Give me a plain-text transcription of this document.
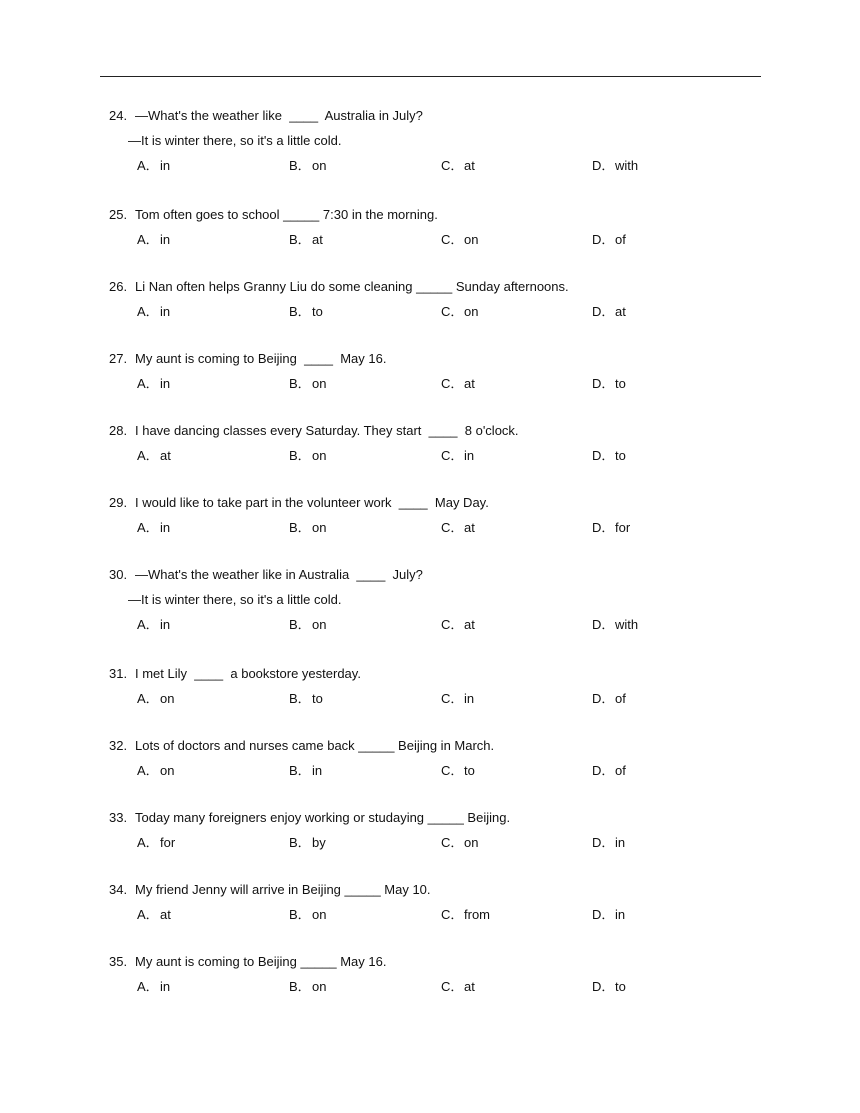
24. —What's the weather like  ____  Australia in July?
—It is winter there, so it's a little cold.
A．in	B．on	C．at	D．with
25. Tom often goes to school _____ 7:30 in the morning.
A．in	B．at	C．on	D．of
26. Li Nan often helps Granny Liu do some cleaning _____ Sunday afternoons.
A．in	B．to	C．on	D．at
27. My aunt is coming to Beijing  ____  May 16.
A．in	B．on	C．at	D．to
28. I have dancing classes every Saturday. They start  ____  8 o'clock.
A．at	B．on	C．in	D．to
29. I would like to take part in the volunteer work  ____  May Day.
A．in	B．on	C．at	D．for
30. —What's the weather like in Australia  ____  July?
—It is winter there, so it's a little cold.
A．in	B．on	C．at	D．with
31. I met Lily  ____  a bookstore yesterday.
A．on	B．to	C．in	D．of
32. Lots of doctors and nurses came back _____ Beijing in March.
A．on	B．in	C．to	D．of
33. Today many foreigners enjoy working or studaying _____ Beijing.
A．for	B．by	C．on	D．in
34. My friend Jenny will arrive in Beijing _____ May 10.
A．at	B．on	C．from	D．in
35. My aunt is coming to Beijing _____ May 16.
A．in	B．on	C．at	D．to
